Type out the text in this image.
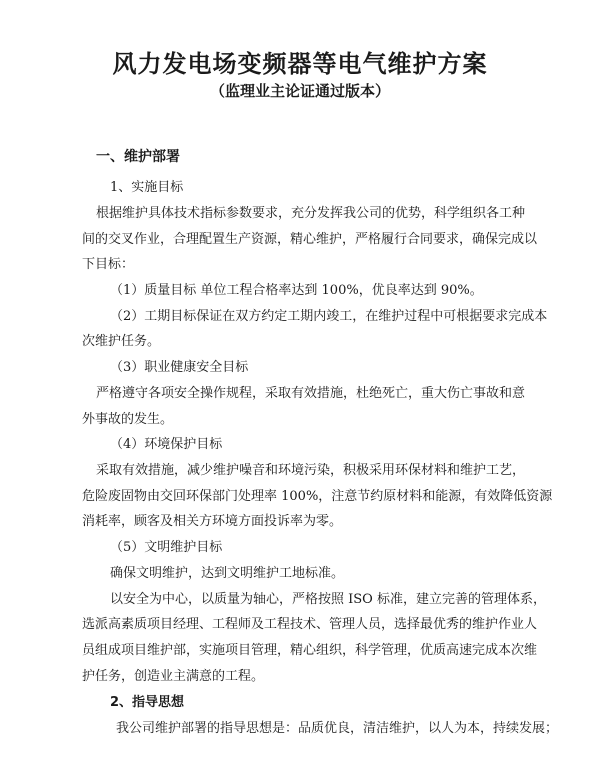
风力发电场变频器等电气维护方案
（监理业主论证通过版本）
一、维护部署
1、实施目标
根据维护具体技术指标参数要求，充分发挥我公司的优势，科学组织各工种
间的交叉作业，合理配置生产资源，精心维护，严格履行合同要求，确保完成以
下目标：
（1）质量目标 单位工程合格率达到 100%，优良率达到 90%。
（2）工期目标保证在双方约定工期内竣工，在维护过程中可根据要求完成本
次维护任务。
（3）职业健康安全目标
严格遵守各项安全操作规程，采取有效措施，杜绝死亡，重大伤亡事故和意
外事故的发生。
（4）环境保护目标
采取有效措施，减少维护噪音和环境污染，积极采用环保材料和维护工艺，
危险废固物由交回环保部门处理率 100%，注意节约原材料和能源，有效降低资源
消耗率，顾客及相关方环境方面投诉率为零。
（5）文明维护目标
确保文明维护，达到文明维护工地标准。
以安全为中心，以质量为轴心，严格按照 ISO 标准，建立完善的管理体系，
选派高素质项目经理、工程师及工程技术、管理人员，选择最优秀的维护作业人
员组成项目维护部，实施项目管理，精心组织，科学管理，优质高速完成本次维
护任务，创造业主满意的工程。
2、指导思想
我公司维护部署的指导思想是：品质优良，清洁维护，以人为本，持续发展；
